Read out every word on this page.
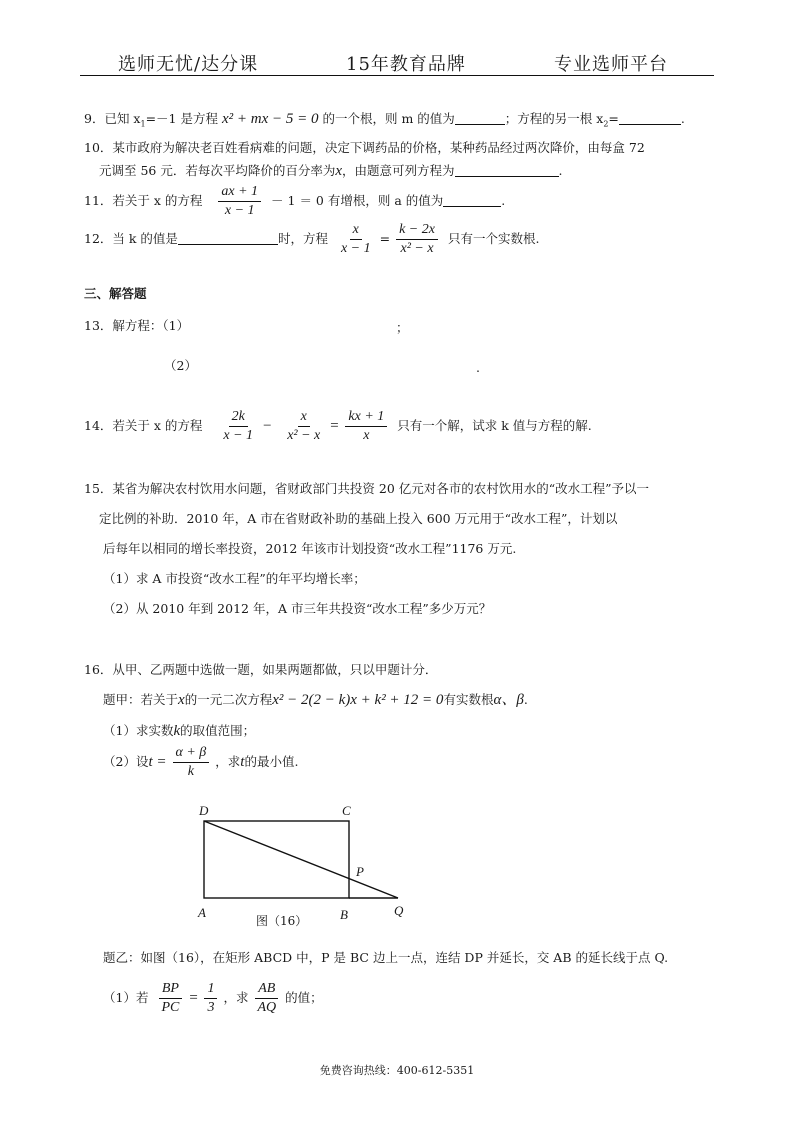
选师无忧/达分课	15年教育品牌	专业选师平台
9．已知 $x_1=-1$ 是方程 x² + mx − 5 = 0 的一个根，则 m 的值为	；方程的另一根 $x_2=$	.
10．某市政府为解决老百姓看病难的问题，决定下调药品的价格，某种药品经过两次降价，由每盒 72
元调至 56 元．若每次平均降价的百分率为x，由题意可列方程为	.
11．若关于 x 的方程 $\frac{ax + 1}{x - 1} - 1 = 0$ 有增根，则 a 的值为	.
12．当 k 的值是	时，方程 $\frac{x}{x - 1} = \frac{k - 2x}{\text{x² − x}}$ 只有一个实数根.
三、解答题
13．解方程：（1）	；
（2）	.
14．若关于 x 的方程 $\frac{2k}{x - 1} - \frac{x}{\text{x² − x}} = \frac{kx + 1}{x}$ 只有一个解，试求 k 值与方程的解.
15．某省为解决农村饮用水问题，省财政部门共投资 20 亿元对各市的农村饮用水的“改水工程”予以一
定比例的补助．2010 年，A 市在省财政补助的基础上投入 600 万元用于“改水工程”，计划以
后每年以相同的增长率投资，2012 年该市计划投资“改水工程”1176 万元.
（1）求 A 市投资“改水工程”的年平均增长率；
（2）从 2010 年到 2012 年，A 市三年共投资“改水工程”多少万元？
16．从甲、乙两题中选做一题，如果两题都做，只以甲题计分．
题甲：若关于x的一元二次方程x² − 2(2 − k)x + k² + 12 = 0有实数根α、β.
（1）求实数k的取值范围；
（2）设$t = \frac{\alpha + \beta}{k}$ ，求t的最小值.
D	C
P
A	B	Q
图（16）
题乙：如图（16），在矩形 ABCD 中，P 是 BC 边上一点，连结 DP 并延长，交 AB 的延长线于点 Q.
（1）若 $\frac{BP}{PC} = \frac{1}{3}$ ，求 $\frac{AB}{AQ}$ 的值；
免费咨询热线：400-612-5351
